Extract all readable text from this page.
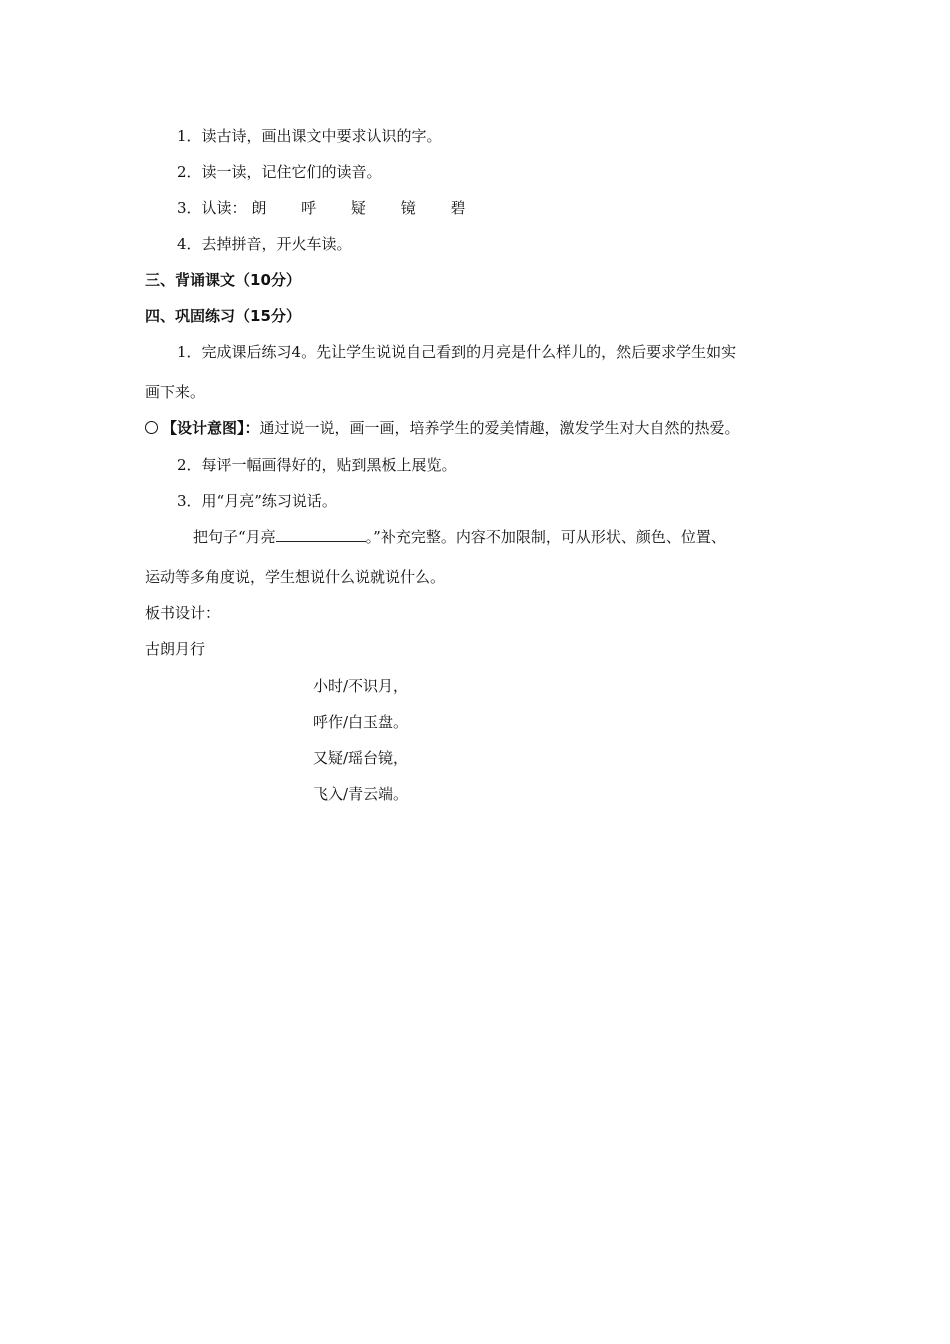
1．读古诗，画出课文中要求认识的字。
2．读一读，记住它们的读音。
3．认读： 朗 呼 疑 镜 碧
4．去掉拼音，开火车读。
三、背诵课文（10分）
四、巩固练习（15分）
1．完成课后练习4。先让学生说说自己看到的月亮是什么样儿的，然后要求学生如实
画下来。
【设计意图】：通过说一说，画一画，培养学生的爱美情趣，激发学生对大自然的热爱。
2．每评一幅画得好的，贴到黑板上展览。
3．用“月亮”练习说话。
把句子“月亮	。”补充完整。内容不加限制，可从形状、颜色、位置、
运动等多角度说，学生想说什么说就说什么。
板书设计：
古朗月行
小时/不识月，
呼作/白玉盘。
又疑/瑶台镜，
飞入/青云端。
